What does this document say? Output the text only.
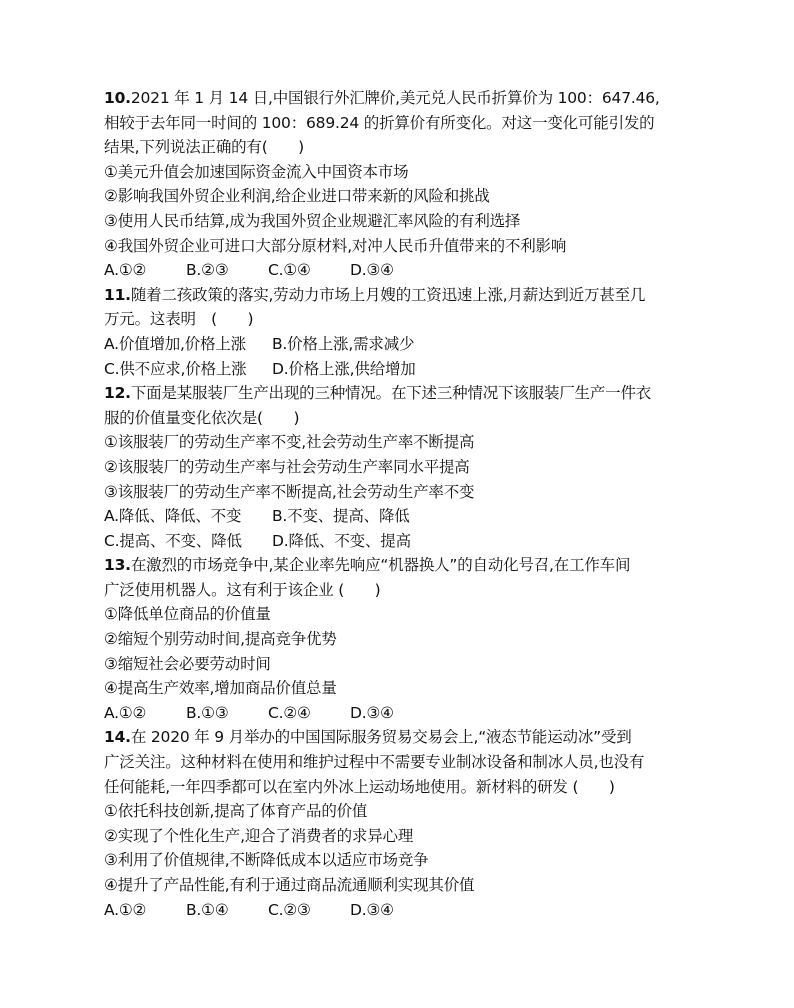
10.2021 年 1 月 14 日,中国银行外汇牌价,美元兑人民币折算价为 100：647.46,
相较于去年同一时间的 100：689.24 的折算价有所变化。对这一变化可能引发的
结果,下列说法正确的有(　　)
①美元升值会加速国际资金流入中国资本市场
②影响我国外贸企业利润,给企业进口带来新的风险和挑战
③使用人民币结算,成为我国外贸企业规避汇率风险的有利选择
④我国外贸企业可进口大部分原材料,对冲人民币升值带来的不利影响
A.①②	B.②③	C.①④	D.③④
11.随着二孩政策的落实,劳动力市场上月嫂的工资迅速上涨,月薪达到近万甚至几
万元。这表明　(　　)
A.价值增加,价格上涨 B.价格上涨,需求减少
C.供不应求,价格上涨 D.价格上涨,供给增加
12.下面是某服装厂生产出现的三种情况。在下述三种情况下该服装厂生产一件衣
服的价值量变化依次是(　　)
①该服装厂的劳动生产率不变,社会劳动生产率不断提高
②该服装厂的劳动生产率与社会劳动生产率同水平提高
③该服装厂的劳动生产率不断提高,社会劳动生产率不变
A.降低、降低、不变 B.不变、提高、降低
C.提高、不变、降低 D.降低、不变、提高
13.在激烈的市场竞争中,某企业率先响应“机器换人”的自动化号召,在工作车间
广泛使用机器人。这有利于该企业 (　　)
①降低单位商品的价值量
②缩短个别劳动时间,提高竞争优势
③缩短社会必要劳动时间
④提高生产效率,增加商品价值总量
A.①②	B.①③	C.②④	D.③④
14.在 2020 年 9 月举办的中国国际服务贸易交易会上,“液态节能运动冰”受到
广泛关注。这种材料在使用和维护过程中不需要专业制冰设备和制冰人员,也没有
任何能耗,一年四季都可以在室内外冰上运动场地使用。新材料的研发 (　　)
①依托科技创新,提高了体育产品的价值
②实现了个性化生产,迎合了消费者的求异心理
③利用了价值规律,不断降低成本以适应市场竞争
④提升了产品性能,有利于通过商品流通顺利实现其价值
A.①②	B.①④	C.②③	D.③④
